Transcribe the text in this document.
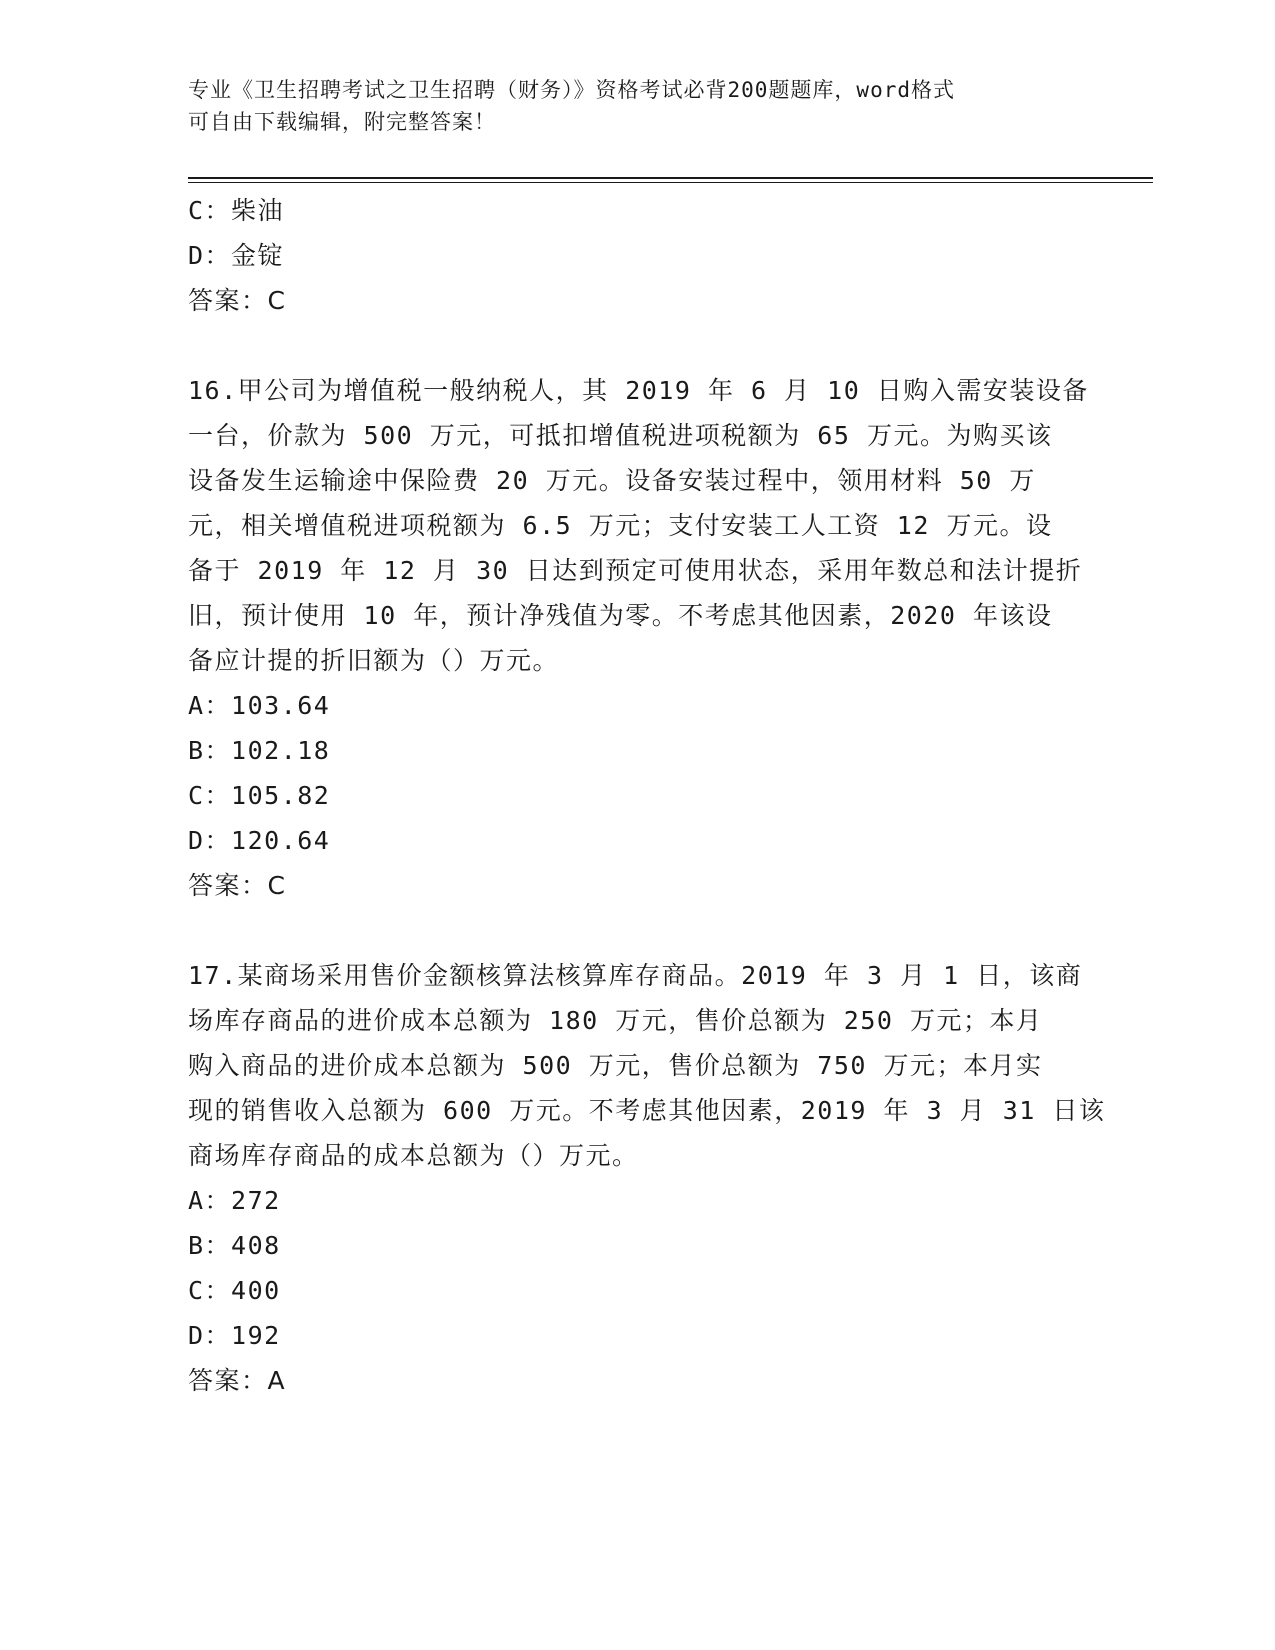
专业《卫生招聘考试之卫生招聘（财务）》资格考试必背200题题库，word格式
可自由下载编辑，附完整答案！
C：柴油
D：金锭
答案：C
16.甲公司为增值税一般纳税人，其 2019 年 6 月 10 日购入需安装设备
一台，价款为 500 万元，可抵扣增值税进项税额为 65 万元。为购买该
设备发生运输途中保险费 20 万元。设备安装过程中，领用材料 50 万
元，相关增值税进项税额为 6.5 万元；支付安装工人工资 12 万元。设
备于 2019 年 12 月 30 日达到预定可使用状态，采用年数总和法计提折
旧，预计使用 10 年，预计净残值为零。不考虑其他因素，2020 年该设
备应计提的折旧额为（）万元。
A：103.64
B：102.18
C：105.82
D：120.64
答案：C
17.某商场采用售价金额核算法核算库存商品。2019 年 3 月 1 日，该商
场库存商品的进价成本总额为 180 万元，售价总额为 250 万元；本月
购入商品的进价成本总额为 500 万元，售价总额为 750 万元；本月实
现的销售收入总额为 600 万元。不考虑其他因素，2019 年 3 月 31 日该
商场库存商品的成本总额为（）万元。
A：272
B：408
C：400
D：192
答案：A
